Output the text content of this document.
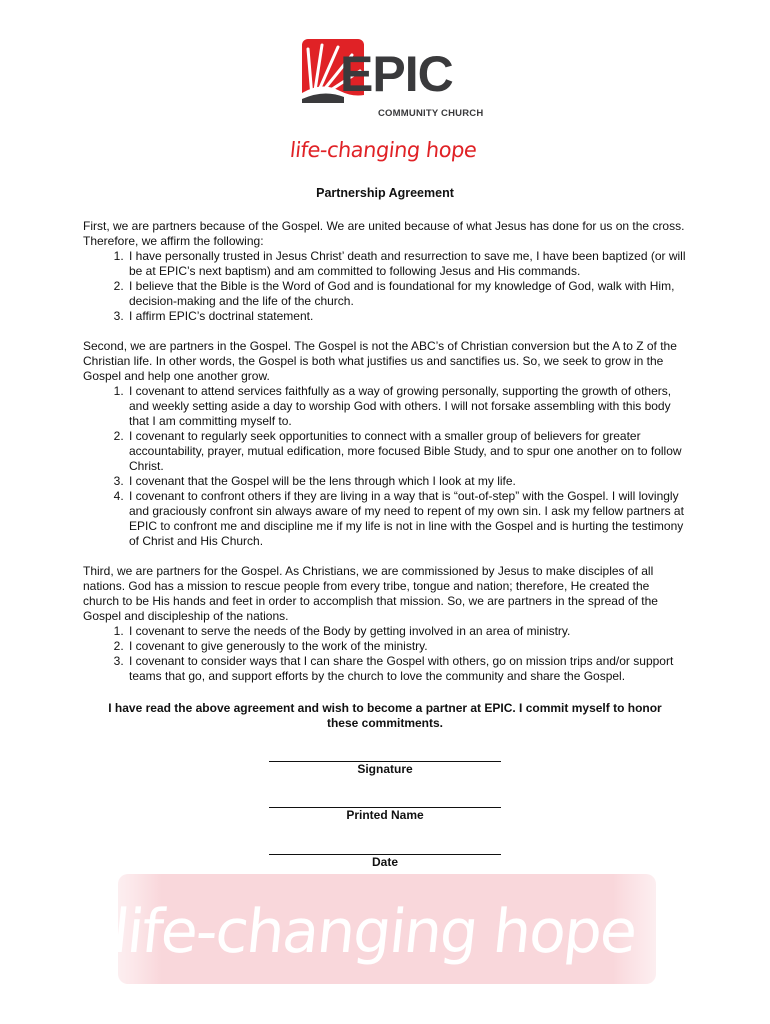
EPIC
COMMUNITY CHURCH
life-changing hope
Partnership Agreement

First, we are partners because of the Gospel. We are united because of what Jesus has done for us on the cross. Therefore, we affirm the following:

1. I have personally trusted in Jesus Christ’ death and resurrection to save me, I have been baptized (or will be at EPIC’s next baptism) and am committed to following Jesus and His commands.
2. I believe that the Bible is the Word of God and is foundational for my knowledge of God, walk with Him, decision-making and the life of the church.
3. I affirm EPIC’s doctrinal statement.

Second, we are partners in the Gospel. The Gospel is not the ABC’s of Christian conversion but the A to Z of the Christian life. In other words, the Gospel is both what justifies us and sanctifies us. So, we seek to grow in the Gospel and help one another grow.

1. I covenant to attend services faithfully as a way of growing personally, supporting the growth of others, and weekly setting aside a day to worship God with others. I will not forsake assembling with this body that I am committing myself to.
2. I covenant to regularly seek opportunities to connect with a smaller group of believers for greater accountability, prayer, mutual edification, more focused Bible Study, and to spur one another on to follow Christ.
3. I covenant that the Gospel will be the lens through which I look at my life.
4. I covenant to confront others if they are living in a way that is “out-of-step” with the Gospel. I will lovingly and graciously confront sin always aware of my need to repent of my own sin. I ask my fellow partners at EPIC to confront me and discipline me if my life is not in line with the Gospel and is hurting the testimony of Christ and His Church.

Third, we are partners for the Gospel. As Christians, we are commissioned by Jesus to make disciples of all nations. God has a mission to rescue people from every tribe, tongue and nation; therefore, He created the church to be His hands and feet in order to accomplish that mission. So, we are partners in the spread of the Gospel and discipleship of the nations.

1. I covenant to serve the needs of the Body by getting involved in an area of ministry.
2. I covenant to give generously to the work of the ministry.
3. I covenant to consider ways that I can share the Gospel with others, go on mission trips and/or support teams that go, and support efforts by the church to love the community and share the Gospel.
I have read the above agreement and wish to become a partner at EPIC. I commit myself to honor these commitments.
Signature
Printed Name
Date
life-changing hope
